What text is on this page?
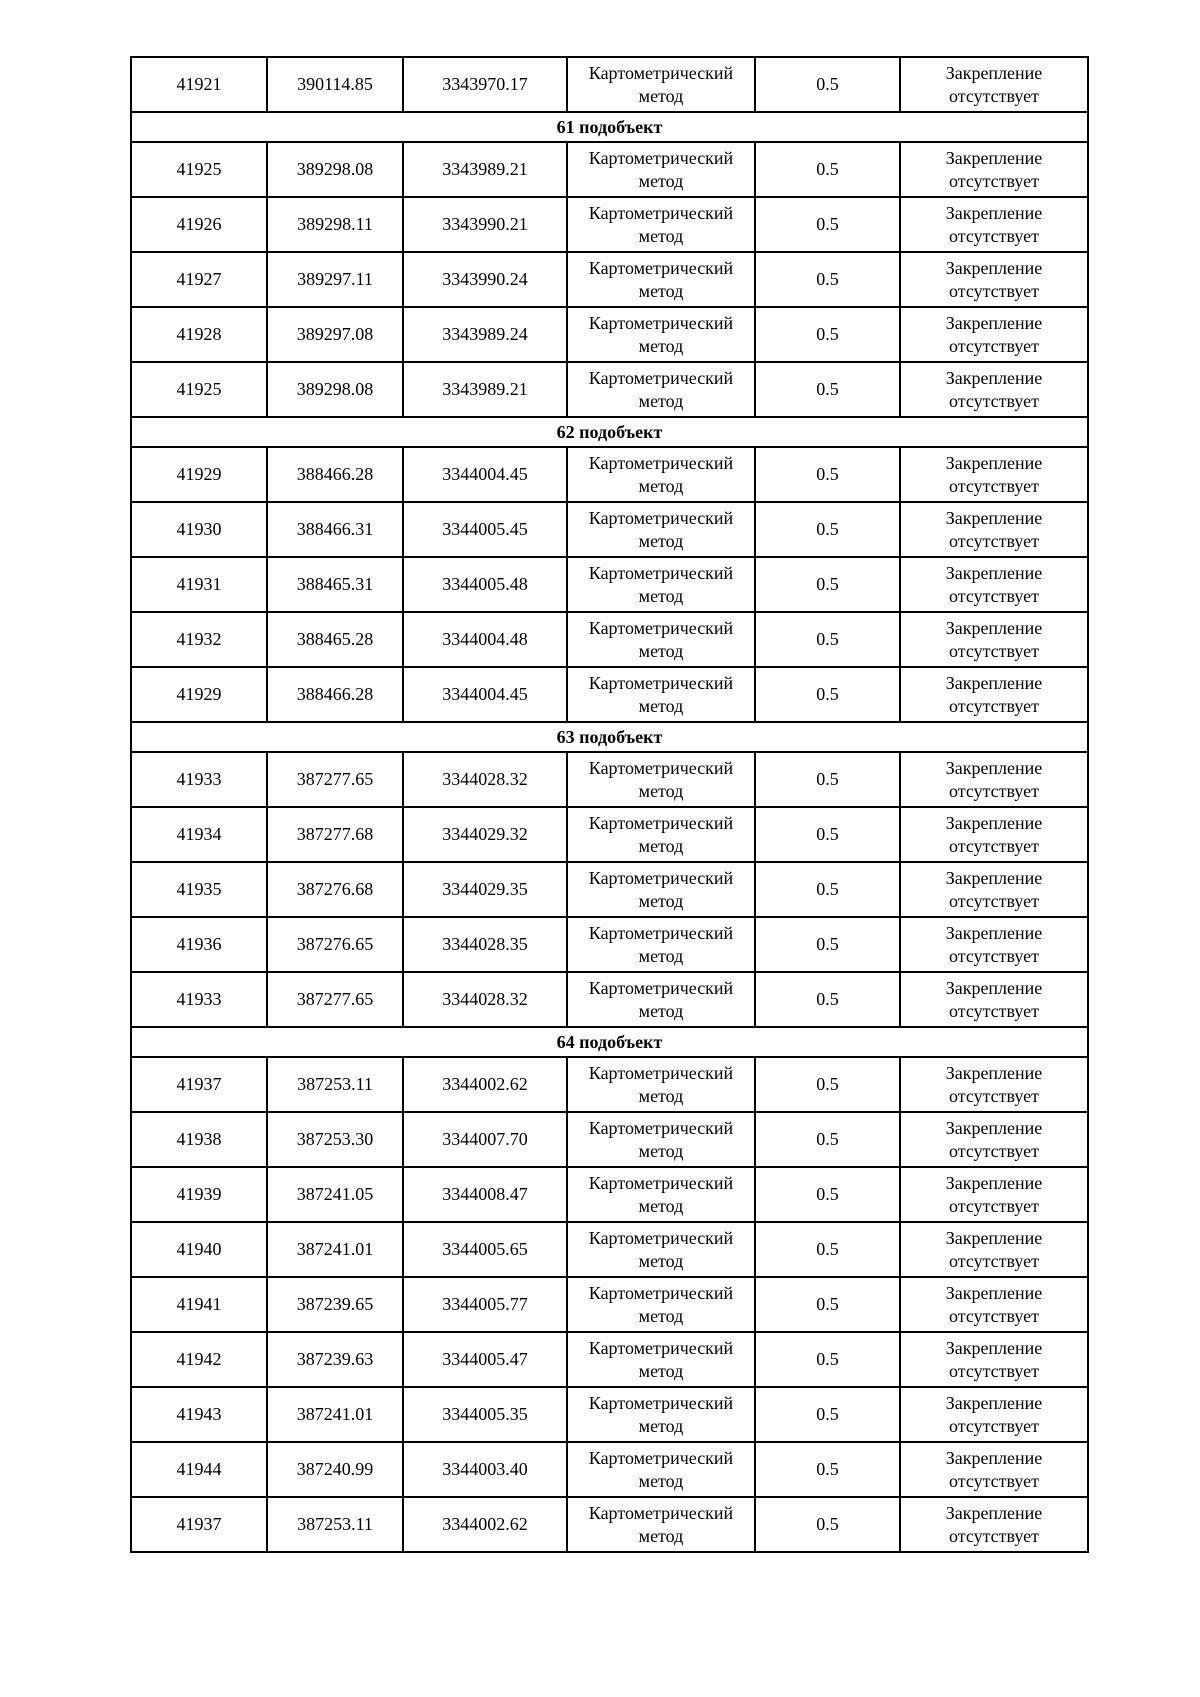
41921	390114.85	3343970.17	Картометрический метод	0.5	Закрепление отсутствует
61 подобъект					
41925	389298.08	3343989.21	Картометрический метод	0.5	Закрепление отсутствует
41926	389298.11	3343990.21	Картометрический метод	0.5	Закрепление отсутствует
41927	389297.11	3343990.24	Картометрический метод	0.5	Закрепление отсутствует
41928	389297.08	3343989.24	Картометрический метод	0.5	Закрепление отсутствует
41925	389298.08	3343989.21	Картометрический метод	0.5	Закрепление отсутствует
62 подобъект					
41929	388466.28	3344004.45	Картометрический метод	0.5	Закрепление отсутствует
41930	388466.31	3344005.45	Картометрический метод	0.5	Закрепление отсутствует
41931	388465.31	3344005.48	Картометрический метод	0.5	Закрепление отсутствует
41932	388465.28	3344004.48	Картометрический метод	0.5	Закрепление отсутствует
41929	388466.28	3344004.45	Картометрический метод	0.5	Закрепление отсутствует
63 подобъект					
41933	387277.65	3344028.32	Картометрический метод	0.5	Закрепление отсутствует
41934	387277.68	3344029.32	Картометрический метод	0.5	Закрепление отсутствует
41935	387276.68	3344029.35	Картометрический метод	0.5	Закрепление отсутствует
41936	387276.65	3344028.35	Картометрический метод	0.5	Закрепление отсутствует
41933	387277.65	3344028.32	Картометрический метод	0.5	Закрепление отсутствует
64 подобъект					
41937	387253.11	3344002.62	Картометрический метод	0.5	Закрепление отсутствует
41938	387253.30	3344007.70	Картометрический метод	0.5	Закрепление отсутствует
41939	387241.05	3344008.47	Картометрический метод	0.5	Закрепление отсутствует
41940	387241.01	3344005.65	Картометрический метод	0.5	Закрепление отсутствует
41941	387239.65	3344005.77	Картометрический метод	0.5	Закрепление отсутствует
41942	387239.63	3344005.47	Картометрический метод	0.5	Закрепление отсутствует
41943	387241.01	3344005.35	Картометрический метод	0.5	Закрепление отсутствует
41944	387240.99	3344003.40	Картометрический метод	0.5	Закрепление отсутствует
41937	387253.11	3344002.62	Картометрический метод	0.5	Закрепление отсутствует
